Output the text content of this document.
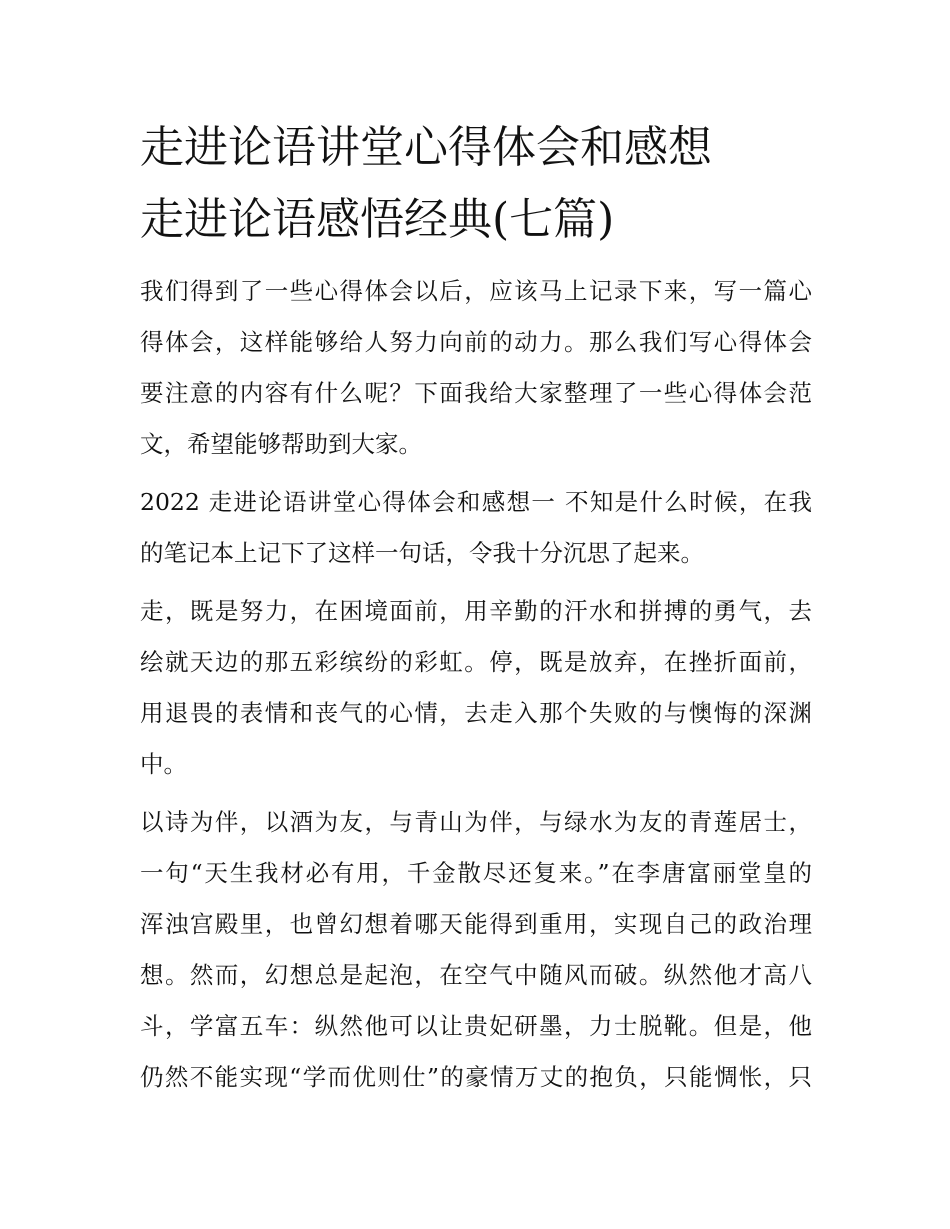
走进论语讲堂心得体会和感想
走进论语感悟经典(七篇)
我们得到了一些心得体会以后，应该马上记录下来，写一篇心
得体会，这样能够给人努力向前的动力。那么我们写心得体会
要注意的内容有什么呢？下面我给大家整理了一些心得体会范
文，希望能够帮助到大家。
2022 走进论语讲堂心得体会和感想一 不知是什么时候，在我
的笔记本上记下了这样一句话，令我十分沉思了起来。
走，既是努力，在困境面前，用辛勤的汗水和拼搏的勇气，去
绘就天边的那五彩缤纷的彩虹。停，既是放弃，在挫折面前，
用退畏的表情和丧气的心情，去走入那个失败的与懊悔的深渊
中。
以诗为伴，以酒为友，与青山为伴，与绿水为友的青莲居士，
一句“天生我材必有用，千金散尽还复来。”在李唐富丽堂皇的
浑浊宫殿里，也曾幻想着哪天能得到重用，实现自己的政治理
想。然而，幻想总是起泡，在空气中随风而破。纵然他才高八
斗，学富五车：纵然他可以让贵妃研墨，力士脱靴。但是，他
仍然不能实现“学而优则仕”的豪情万丈的抱负，只能惆怅，只
